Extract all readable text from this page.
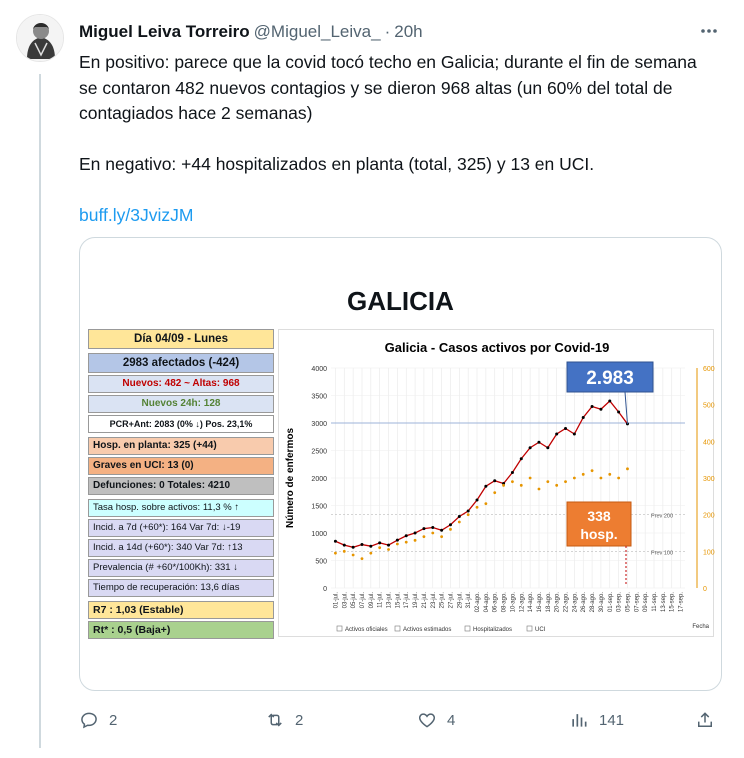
Miguel Leiva Torreiro @Miguel_Leiva_ · 20h

En positivo: parece que la covid tocó techo en Galicia; durante el fin de semana se contaron 482 nuevos contagios y se dieron 968 altas (un 60% del total de contagiados hace 2 semanas)

En negativo: +44 hospitalizados en planta (total, 325) y 13 en UCI.

buff.ly/3JvizJM

GALICIA
Día 04/09 - Lunes
2983 afectados (-424)
Nuevos: 482 ~ Altas: 968
Nuevos 24h: 128
PCR+Ant: 2083 (0% ↓) Pos. 23,1%
Hosp. en planta: 325 (+44)
Graves en UCI: 13 (0)
Defunciones: 0 Totales: 4210
Tasa hosp. sobre activos: 11,3 % ↑
Incid. a 7d (+60*): 164 Var 7d: ↓-19
Incid. a 14d (+60*): 340 Var 7d: ↑13
Prevalencia (# +60*/100Kh): 331 ↓
Tiempo de recuperación: 13,6 días
R7 : 1,03 (Estable)
Rt* : 0,5 (Baja+)
Galicia - Casos activos por Covid-19
0
500
1000
1500
2000
2500
3000
3500
4000
0
100
200
300
400
500
600
Número de enfermos	Prev 200
Prev 100
01-jul. 03-jul. 05-jul. 07-jul. 09-jul. 11-jul. 13-jul. 15-jul. 17-jul. 19-jul. 21-jul. 23-jul. 25-jul. 27-jul. 29-jul. 31-jul. 02-ago. 04-ago. 06-ago. 08-ago. 10-ago. 12-ago. 14-ago. 16-ago. 18-ago. 20-ago. 22-ago. 24-ago. 26-ago. 28-ago. 30-ago. 01-sep. 03-sep. 05-sep. 07-sep. 09-sep. 11-sep. 13-sep. 15-sep. 17-sep.
Fecha
2.983
338
hosp.
Activos oficiales	Activos estimados	Hospitalizados	UCI
2	2	4	141
